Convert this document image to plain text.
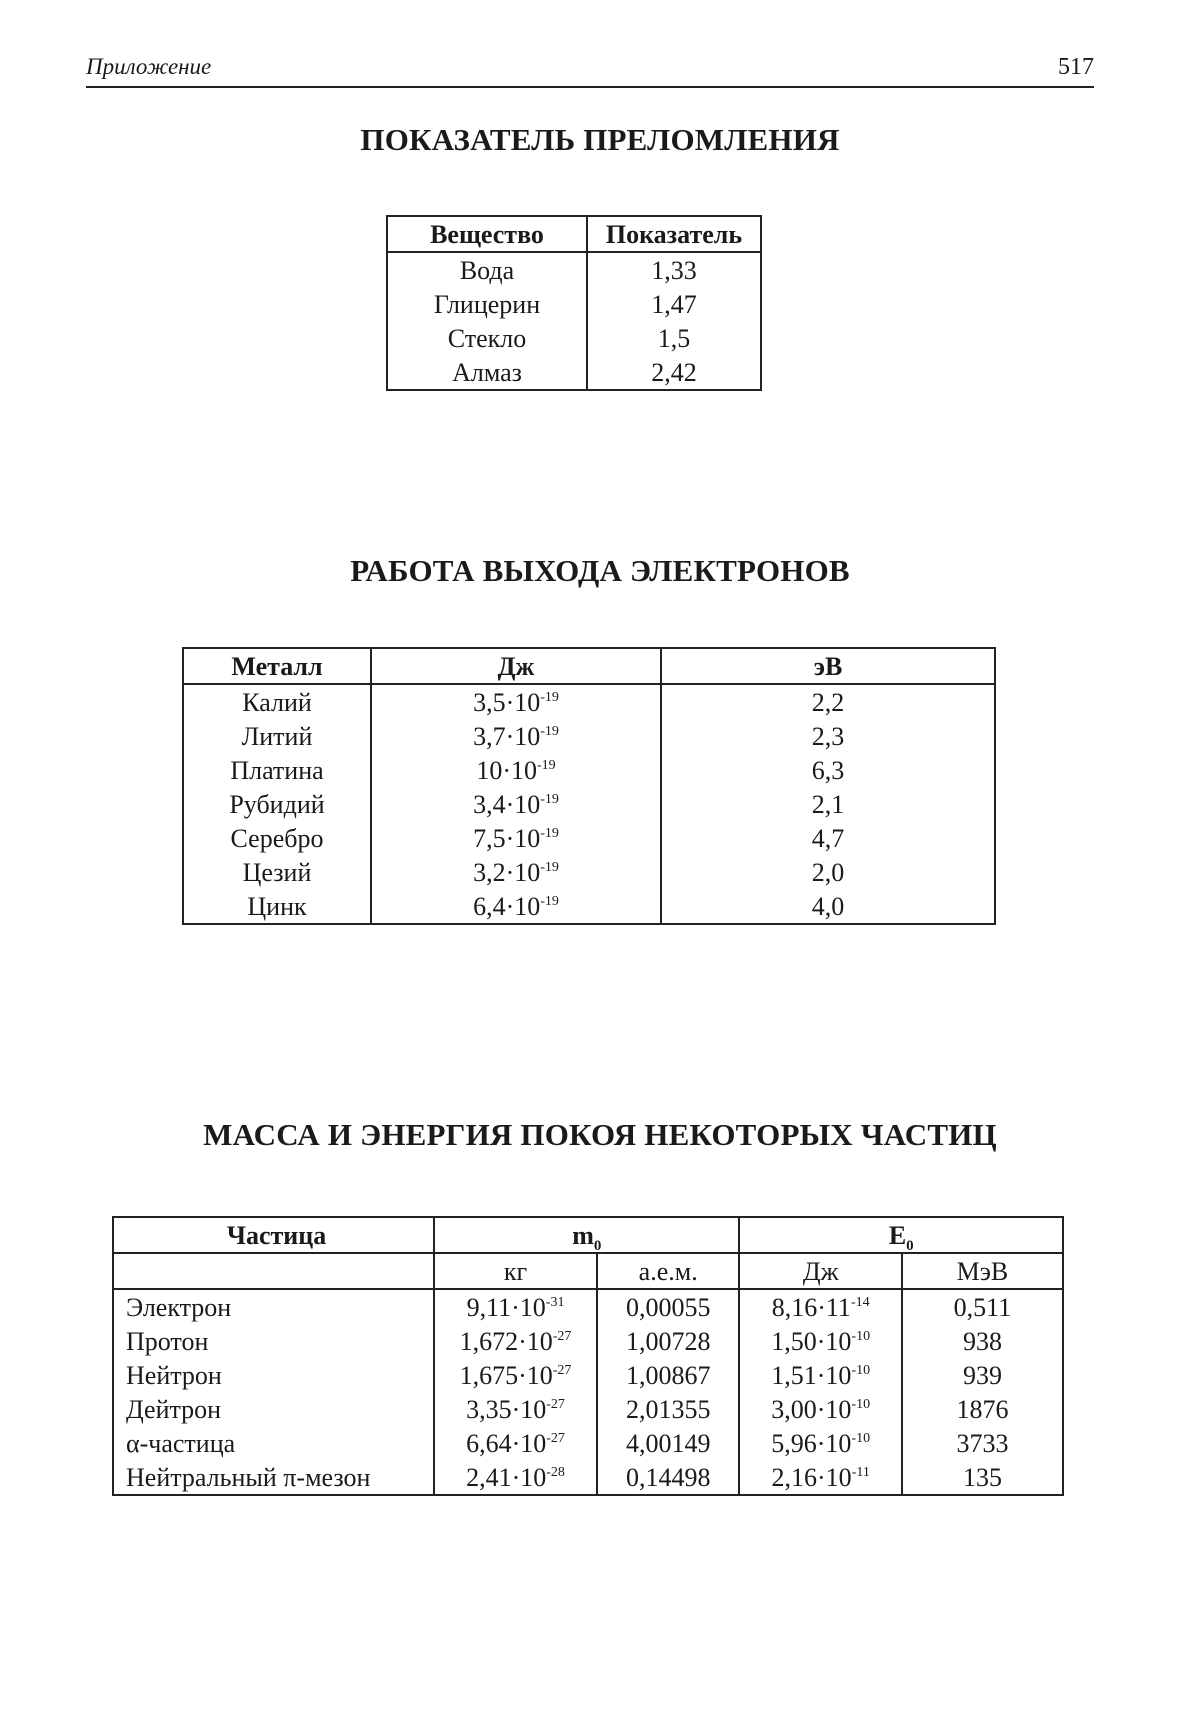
Приложение	517
ПОКАЗАТЕЛЬ ПРЕЛОМЛЕНИЯ
Вещество	Показатель
Вода	1,33
Глицерин	1,47
Стекло	1,5
Алмаз	2,42
РАБОТА ВЫХОДА ЭЛЕКТРОНОВ
Металл	Дж	эВ
Калий	$3,5\cdot 10^{-19}$	2,2
Литий	$3,7\cdot 10^{-19}$	2,3
Платина	$10\cdot 10^{-19}$	6,3
Рубидий	$3,4\cdot 10^{-19}$	2,1
Серебро	$7,5\cdot 10^{-19}$	4,7
Цезий	$3,2\cdot 10^{-19}$	2,0
Цинк	$6,4\cdot 10^{-19}$	4,0
МАССА И ЭНЕРГИЯ ПОКОЯ НЕКОТОРЫХ ЧАСТИЦ
Частица	$m_0$		$E_0$
	кг	а.е.м.	Дж	МэВ
Электрон	$9,11\cdot 10^{-31}$	0,00055	$8,16\cdot 11^{-14}$	0,511
Протон	$1,672\cdot 10^{-27}$	1,00728	$1,50\cdot 10^{-10}$	938
Нейтрон	$1,675\cdot 10^{-27}$	1,00867	$1,51\cdot 10^{-10}$	939
Дейтрон	$3,35\cdot 10^{-27}$	2,01355	$3,00\cdot 10^{-10}$	1876
α-частица	$6,64\cdot 10^{-27}$	4,00149	$5,96\cdot 10^{-10}$	3733
Нейтральный π-мезон	$2,41\cdot 10^{-28}$	0,14498	$2,16\cdot 10^{-11}$	135
